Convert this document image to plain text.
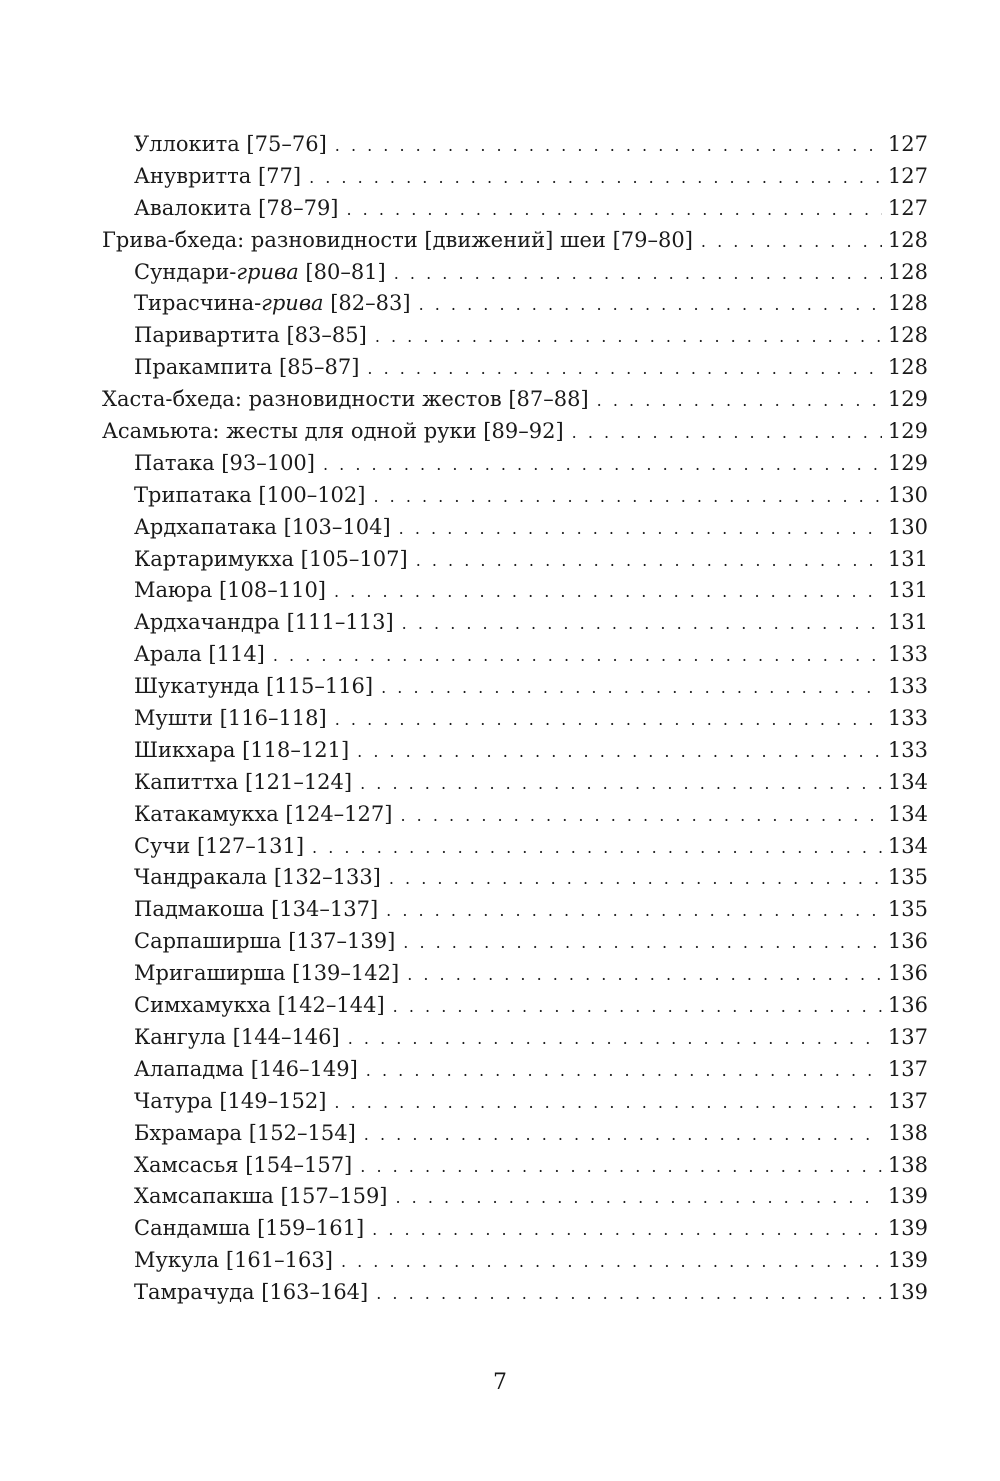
Уллокита [75–76] . . .	127
Анувритта [77] . . .	127
Авалокита [78–79] . . .	127
Грива-бхеда: разновидности [движений] шеи [79–80] . . .	128
Сундари-грива [80–81] . . .	128
Тирасчина-грива [82–83] . . .	128
Паривартита [83–85] . . .	128
Пракампита [85–87] . . .	128
Хаста-бхеда: разновидности жестов [87–88] . . .	129
Асамьюта: жесты для одной руки [89–92] . . .	129
Патака [93–100] . . .	129
Трипатака [100–102] . . .	130
Ардхапатака [103–104] . . .	130
Картаримукха [105–107] . . .	131
Маюра [108–110] . . .	131
Ардхачандра [111–113] . . .	131
Арала [114] . . .	133
Шукатунда [115–116] . . .	133
Мушти [116–118] . . .	133
Шикхара [118–121] . . .	133
Капиттха [121–124] . . .	134
Катакамукха [124–127] . . .	134
Сучи [127–131] . . .	134
Чандракала [132–133] . . .	135
Падмакоша [134–137] . . .	135
Сарпаширша [137–139] . . .	136
Мригаширша [139–142] . . .	136
Симхамукха [142–144] . . .	136
Кангула [144–146] . . .	137
Алападма [146–149] . . .	137
Чатура [149–152] . . .	137
Бхрамара [152–154] . . .	138
Хамсасья [154–157] . . .	138
Хамсапакша [157–159] . . .	139
Сандамша [159–161] . . .	139
Мукула [161–163] . . .	139
Тамрачуда [163–164] . . .	139
7
